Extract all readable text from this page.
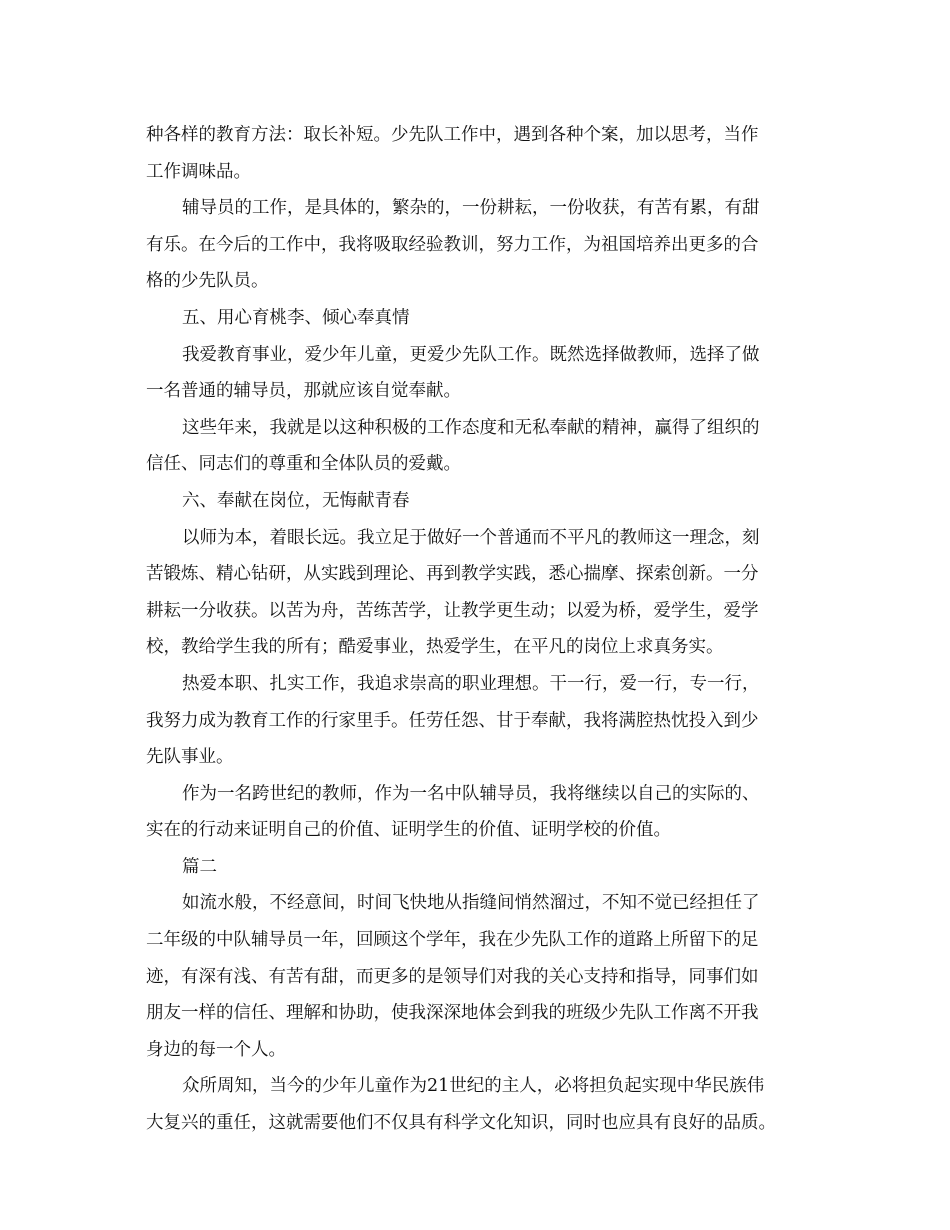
种各样的教育方法：取长补短。少先队工作中，遇到各种个案，加以思考，当作
工作调味品。
辅导员的工作，是具体的，繁杂的，一份耕耘，一份收获，有苦有累，有甜
有乐。在今后的工作中，我将吸取经验教训，努力工作，为祖国培养出更多的合
格的少先队员。
五、用心育桃李、倾心奉真情
我爱教育事业，爱少年儿童，更爱少先队工作。既然选择做教师，选择了做
一名普通的辅导员，那就应该自觉奉献。
这些年来，我就是以这种积极的工作态度和无私奉献的精神，赢得了组织的
信任、同志们的尊重和全体队员的爱戴。
六、奉献在岗位，无悔献青春
以师为本，着眼长远。我立足于做好一个普通而不平凡的教师这一理念，刻
苦锻炼、精心钻研，从实践到理论、再到教学实践，悉心揣摩、探索创新。一分
耕耘一分收获。以苦为舟，苦练苦学，让教学更生动；以爱为桥，爱学生，爱学
校，教给学生我的所有；酷爱事业，热爱学生，在平凡的岗位上求真务实。
热爱本职、扎实工作，我追求崇高的职业理想。干一行，爱一行，专一行，
我努力成为教育工作的行家里手。任劳任怨、甘于奉献，我将满腔热忱投入到少
先队事业。
作为一名跨世纪的教师，作为一名中队辅导员，我将继续以自己的实际的、
实在的行动来证明自己的价值、证明学生的价值、证明学校的价值。
篇二
如流水般，不经意间，时间飞快地从指缝间悄然溜过，不知不觉已经担任了
二年级的中队辅导员一年，回顾这个学年，我在少先队工作的道路上所留下的足
迹，有深有浅、有苦有甜，而更多的是领导们对我的关心支持和指导，同事们如
朋友一样的信任、理解和协助，使我深深地体会到我的班级少先队工作离不开我
身边的每一个人。
众所周知，当今的少年儿童作为21世纪的主人，必将担负起实现中华民族伟
大复兴的重任，这就需要他们不仅具有科学文化知识，同时也应具有良好的品质。
